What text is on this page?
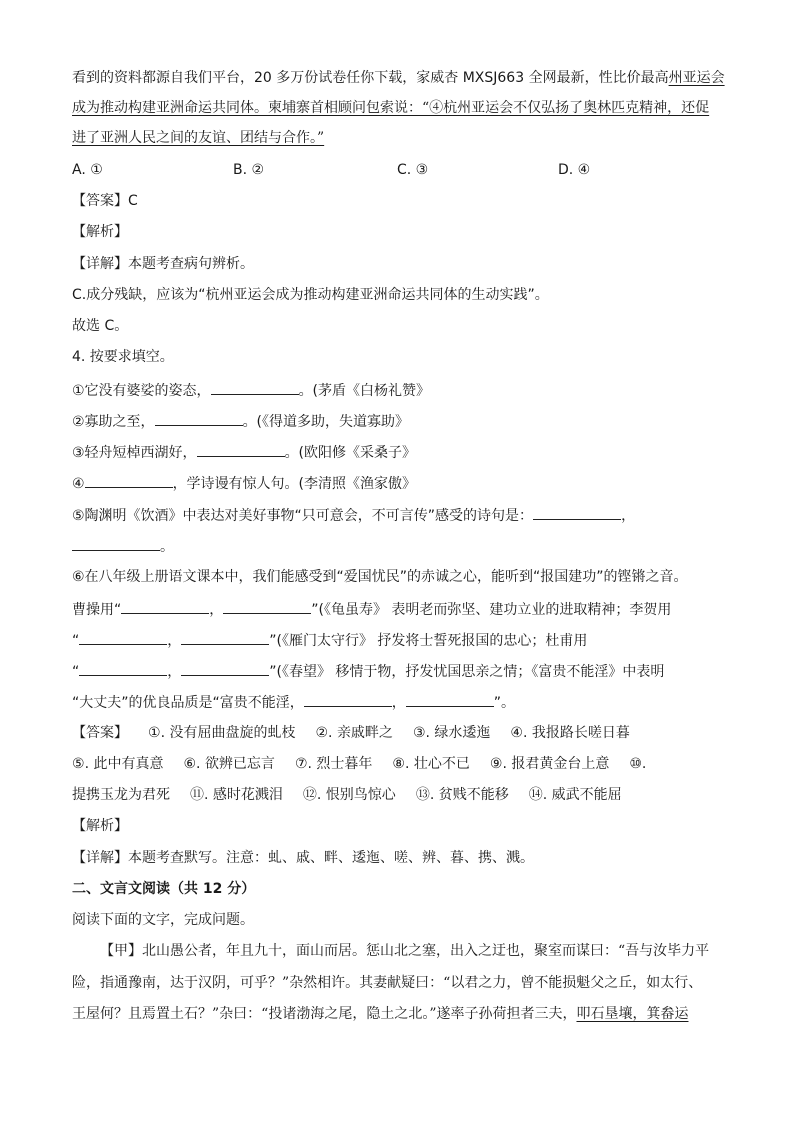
看到的资料都源自我们平台，20 多万份试卷任你下载，家威杏 MXSJ663 全网最新，性比价最高州亚运会
成为推动构建亚洲命运共同体。柬埔寨首相顾问包索说：“④杭州亚运会不仅弘扬了奥林匹克精神，还促
进了亚洲人民之间的友谊、团结与合作。”
A. ①	B. ②	C. ③	D. ④
【答案】C
【解析】
【详解】本题考查病句辨析。
C.成分残缺，应该为“杭州亚运会成为推动构建亚洲命运共同体的生动实践”。
故选 C。
4. 按要求填空。
①它没有婆娑的姿态，	。(茅盾《白杨礼赞》
②寡助之至，	。(《得道多助，失道寡助》
③轻舟短棹西湖好，	。(欧阳修《采桑子》
④	，学诗谩有惊人句。(李清照《渔家傲》
⑤陶渊明《饮酒》中表达对美好事物“只可意会，不可言传”感受的诗句是：	，
。
⑥在八年级上册语文课本中，我们能感受到“爱国忧民”的赤诚之心，能听到“报国建功”的铿锵之音。
曹操用“	，	”(《龟虽寿》 表明老而弥坚、建功立业的进取精神；李贺用
“	，	”(《雁门太守行》 抒发将士誓死报国的忠心；杜甫用
“	，	”(《春望》 移情于物，抒发忧国思亲之情；《富贵不能淫》中表明
“大丈夫”的优良品质是“富贵不能淫，	，	”。
【答案】 ①. 没有屈曲盘旋的虬枝 ②. 亲戚畔之 ③. 绿水逶迤 ④. 我报路长嗟日暮
⑤. 此中有真意 ⑥. 欲辨已忘言 ⑦. 烈士暮年 ⑧. 壮心不已 ⑨. 报君黄金台上意 ⑩.
提携玉龙为君死 ⑪. 感时花溅泪 ⑫. 恨别鸟惊心 ⑬. 贫贱不能移 ⑭. 威武不能屈
【解析】
【详解】本题考查默写。注意：虬、戚、畔、逶迤、嗟、辨、暮、携、溅。
二、文言文阅读（共 12 分）
阅读下面的文字，完成问题。
【甲】北山愚公者，年且九十，面山而居。惩山北之塞，出入之迂也，聚室而谋曰：“吾与汝毕力平
险，指通豫南，达于汉阴，可乎？”杂然相许。其妻献疑曰：“以君之力，曾不能损魁父之丘，如太行、
王屋何？且焉置土石？”杂曰：“投诸渤海之尾，隐土之北。”遂率子孙荷担者三夫，叩石垦壤，箕畚运
